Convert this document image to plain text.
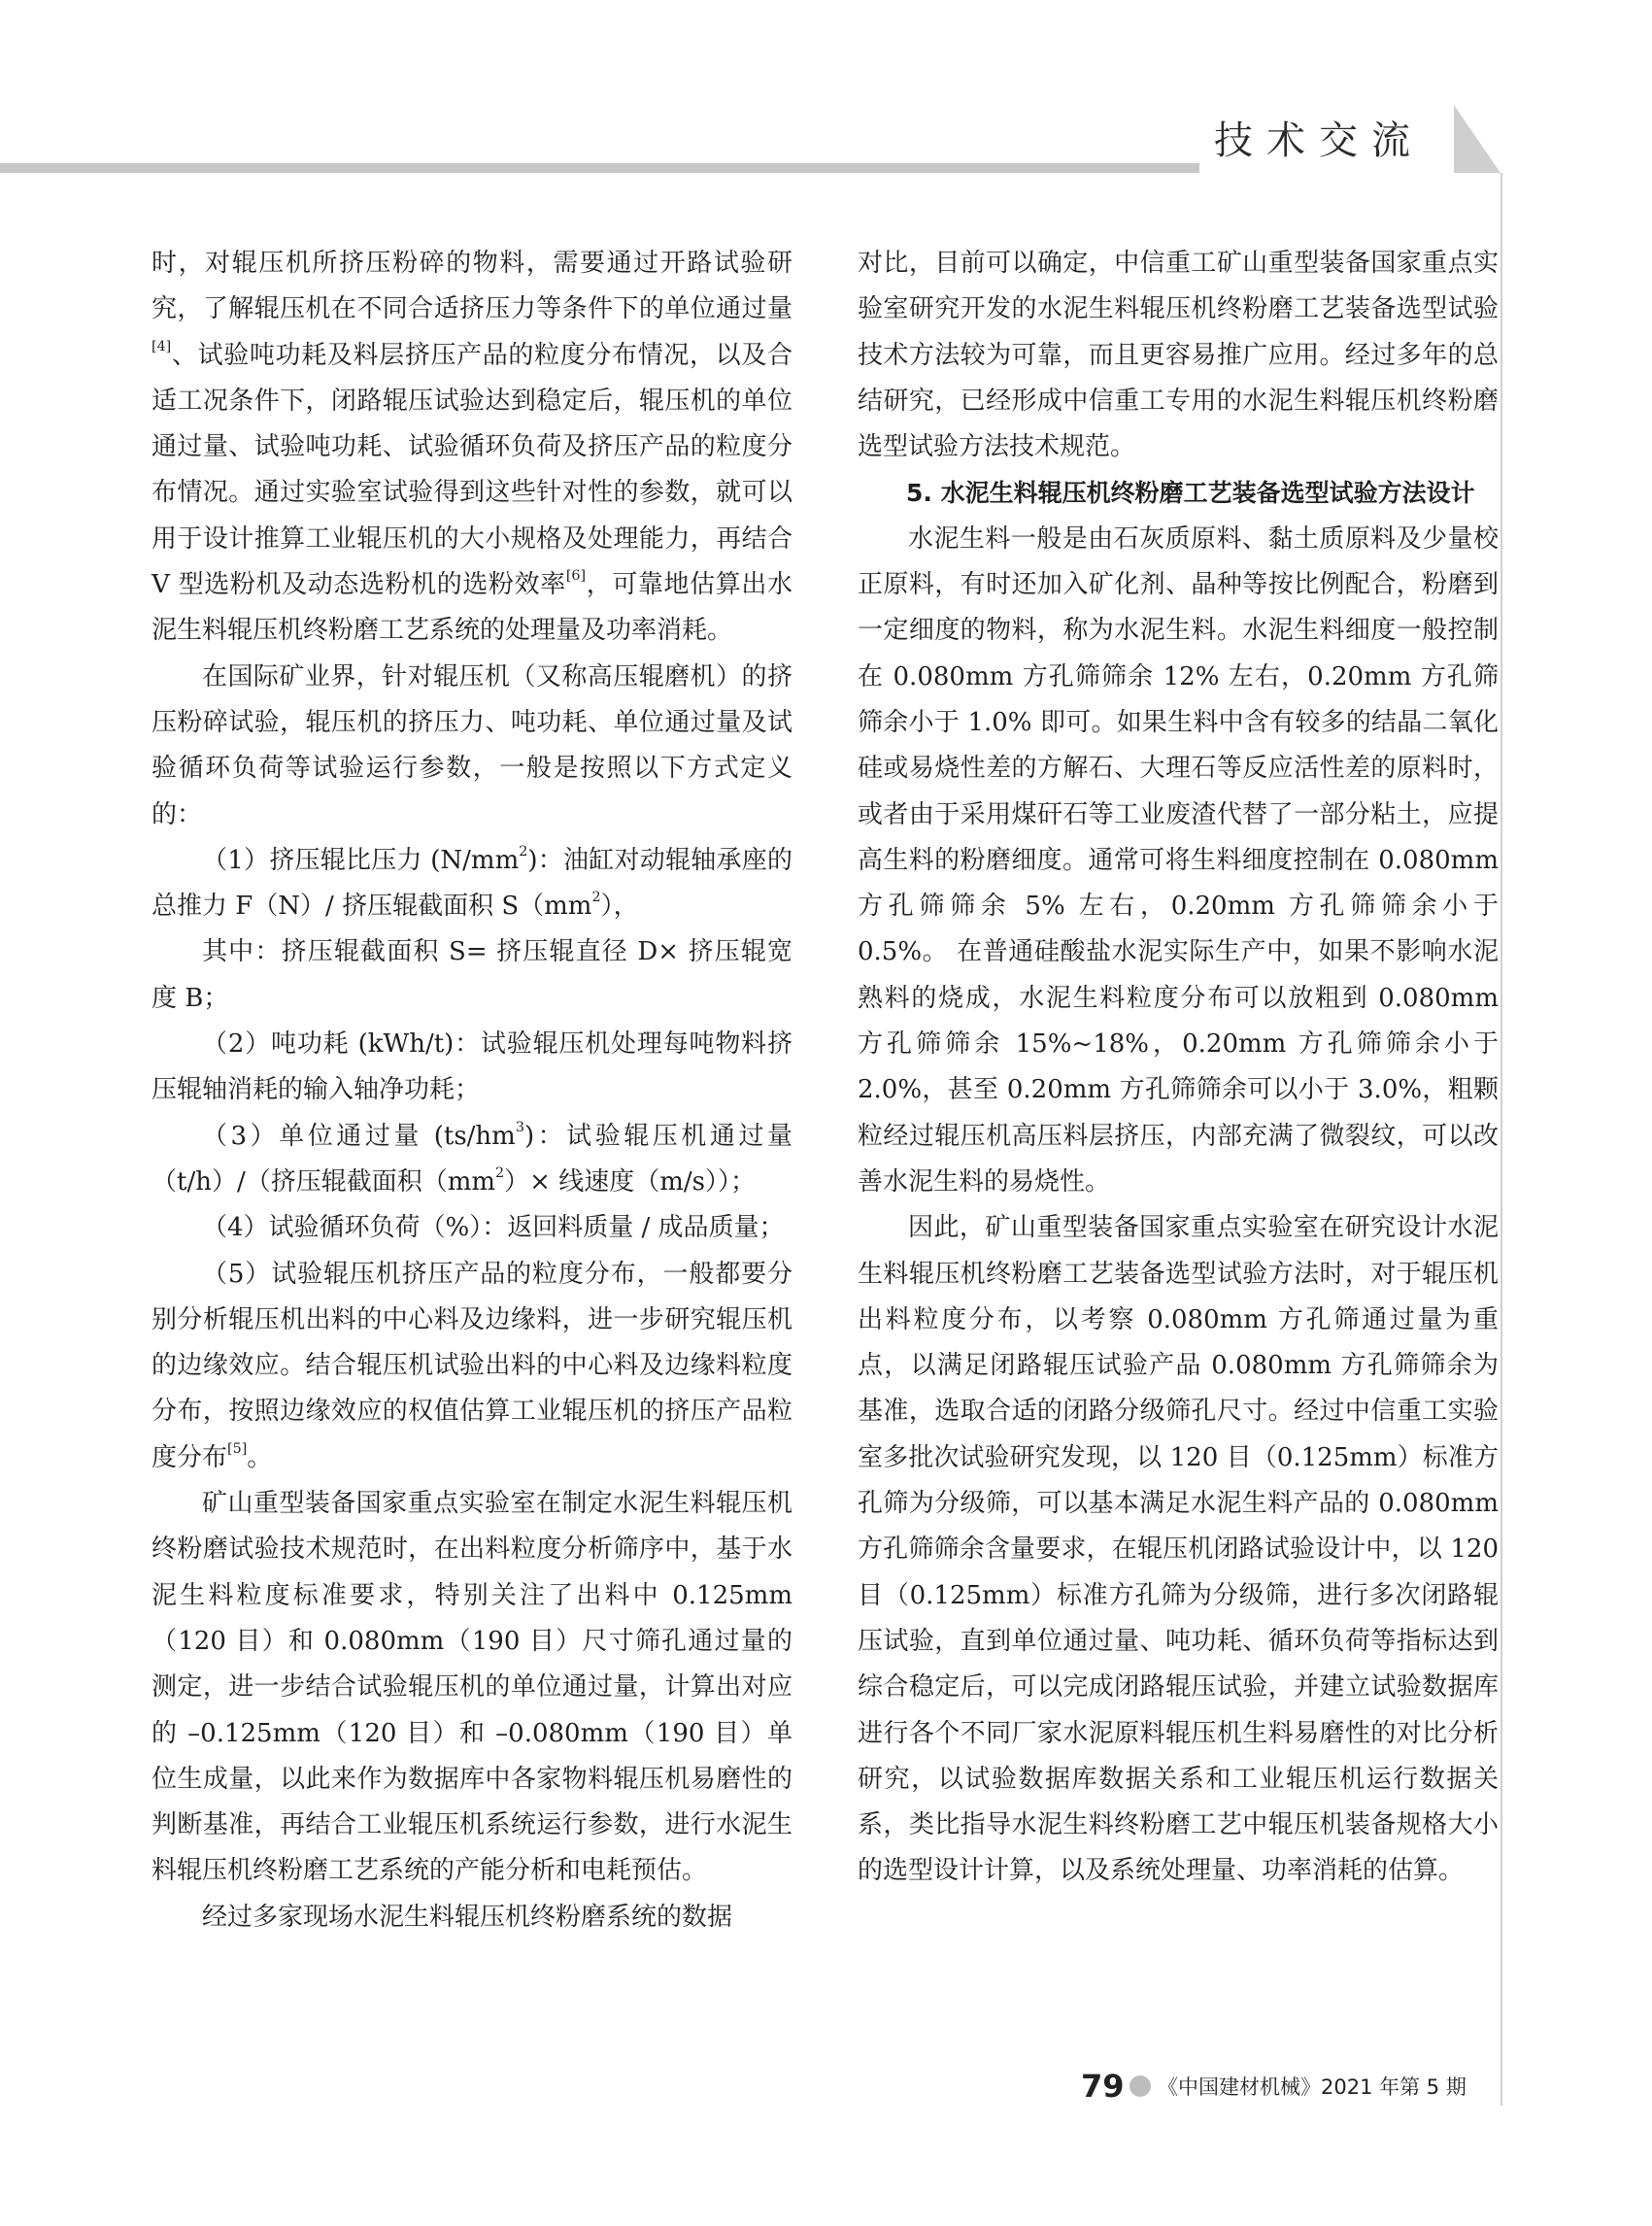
技术交流

时，对辊压机所挤压粉碎的物料，需要通过开路试验研究，了解辊压机在不同合适挤压力等条件下的单位通过量[4]、试验吨功耗及料层挤压产品的粒度分布情况，以及合适工况条件下，闭路辊压试验达到稳定后，辊压机的单位通过量、试验吨功耗、试验循环负荷及挤压产品的粒度分布情况。通过实验室试验得到这些针对性的参数，就可以用于设计推算工业辊压机的大小规格及处理能力，再结合 V 型选粉机及动态选粉机的选粉效率[6]，可靠地估算出水泥生料辊压机终粉磨工艺系统的处理量及功率消耗。

在国际矿业界，针对辊压机（又称高压辊磨机）的挤压粉碎试验，辊压机的挤压力、吨功耗、单位通过量及试验循环负荷等试验运行参数，一般是按照以下方式定义的：

（1）挤压辊比压力 $(N/mm^2)$：油缸对动辊轴承座的总推力 F（N）/ 挤压辊截面积 $S(mm^2)$，

其中：挤压辊截面积 S= 挤压辊直径 D× 挤压辊宽度 B；

（2）吨功耗 (kWh/t)：试验辊压机处理每吨物料挤压辊轴消耗的输入轴净功耗；

（3）单位通过量 $(ts/hm^3)$：试验辊压机通过量（t/h）/（挤压辊截面积$(mm^2)\times$ 线速度（m/s））；

（4）试验循环负荷（%）：返回料质量 / 成品质量；

（5）试验辊压机挤压产品的粒度分布，一般都要分别分析辊压机出料的中心料及边缘料，进一步研究辊压机的边缘效应。结合辊压机试验出料的中心料及边缘料粒度分布，按照边缘效应的权值估算工业辊压机的挤压产品粒度分布[5]。

矿山重型装备国家重点实验室在制定水泥生料辊压机终粉磨试验技术规范时，在出料粒度分析筛序中，基于水泥生料粒度标准要求，特别关注了出料中 0.125mm（120 目）和 0.080mm（190 目）尺寸筛孔通过量的测定，进一步结合试验辊压机的单位通过量，计算出对应的 –0.125mm（120 目）和 –0.080mm（190 目）单位生成量，以此来作为数据库中各家物料辊压机易磨性的判断基准，再结合工业辊压机系统运行参数，进行水泥生料辊压机终粉磨工艺系统的产能分析和电耗预估。

经过多家现场水泥生料辊压机终粉磨系统的数据

对比，目前可以确定，中信重工矿山重型装备国家重点实验室研究开发的水泥生料辊压机终粉磨工艺装备选型试验技术方法较为可靠，而且更容易推广应用。经过多年的总结研究，已经形成中信重工专用的水泥生料辊压机终粉磨选型试验方法技术规范。

5. 水泥生料辊压机终粉磨工艺装备选型试验方法设计

水泥生料一般是由石灰质原料、黏土质原料及少量校正原料，有时还加入矿化剂、晶种等按比例配合，粉磨到一定细度的物料，称为水泥生料。水泥生料细度一般控制在 0.080mm 方孔筛筛余 12% 左右，0.20mm 方孔筛筛余小于 1.0% 即可。如果生料中含有较多的结晶二氧化硅或易烧性差的方解石、大理石等反应活性差的原料时，或者由于采用煤矸石等工业废渣代替了一部分粘土，应提高生料的粉磨细度。通常可将生料细度控制在 0.080mm 方孔筛筛余 5% 左右，0.20mm 方孔筛筛余小于 0.5%。 在普通硅酸盐水泥实际生产中，如果不影响水泥熟料的烧成，水泥生料粒度分布可以放粗到 0.080mm 方孔筛筛余 15%~18%，0.20mm 方孔筛筛余小于 2.0%，甚至 0.20mm 方孔筛筛余可以小于 3.0%，粗颗粒经过辊压机高压料层挤压，内部充满了微裂纹，可以改善水泥生料的易烧性。

因此，矿山重型装备国家重点实验室在研究设计水泥生料辊压机终粉磨工艺装备选型试验方法时，对于辊压机出料粒度分布，以考察 0.080mm 方孔筛通过量为重点，以满足闭路辊压试验产品 0.080mm 方孔筛筛余为基准，选取合适的闭路分级筛孔尺寸。经过中信重工实验室多批次试验研究发现，以 120 目（0.125mm）标准方孔筛为分级筛，可以基本满足水泥生料产品的 0.080mm 方孔筛筛余含量要求，在辊压机闭路试验设计中，以 120 目（0.125mm）标准方孔筛为分级筛，进行多次闭路辊压试验，直到单位通过量、吨功耗、循环负荷等指标达到综合稳定后，可以完成闭路辊压试验，并建立试验数据库进行各个不同厂家水泥原料辊压机生料易磨性的对比分析研究，以试验数据库数据关系和工业辊压机运行数据关系，类比指导水泥生料终粉磨工艺中辊压机装备规格大小的选型设计计算，以及系统处理量、功率消耗的估算。

79 《中国建材机械》2021 年第 5 期
